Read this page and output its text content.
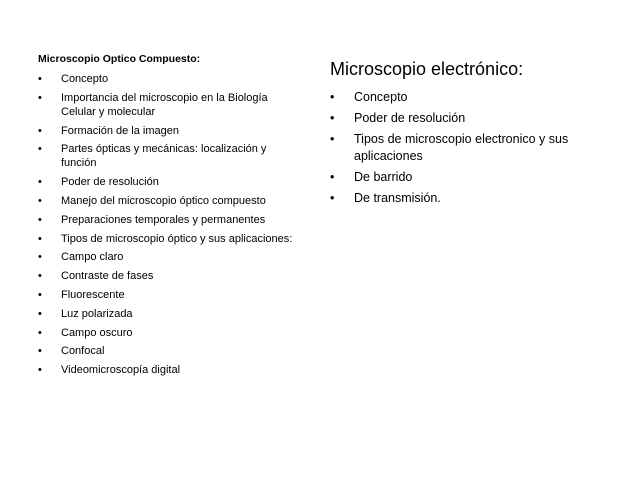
Microscopio Optico Compuesto:
• Concepto
• Importancia del microscopio en la Biología Celular y molecular
• Formación de la imagen
• Partes ópticas y mecánicas: localización y función
• Poder de resolución
• Manejo del microscopio óptico compuesto
• Preparaciones temporales y permanentes
• Tipos de microscopio óptico y sus aplicaciones:
• Campo claro
• Contraste de fases
• Fluorescente
• Luz polarizada
• Campo oscuro
• Confocal
• Videomicroscopía digital
Microscopio electrónico:
• Concepto
• Poder de resolución
• Tipos de microscopio electronico y sus aplicaciones
• De barrido
• De transmisión.
